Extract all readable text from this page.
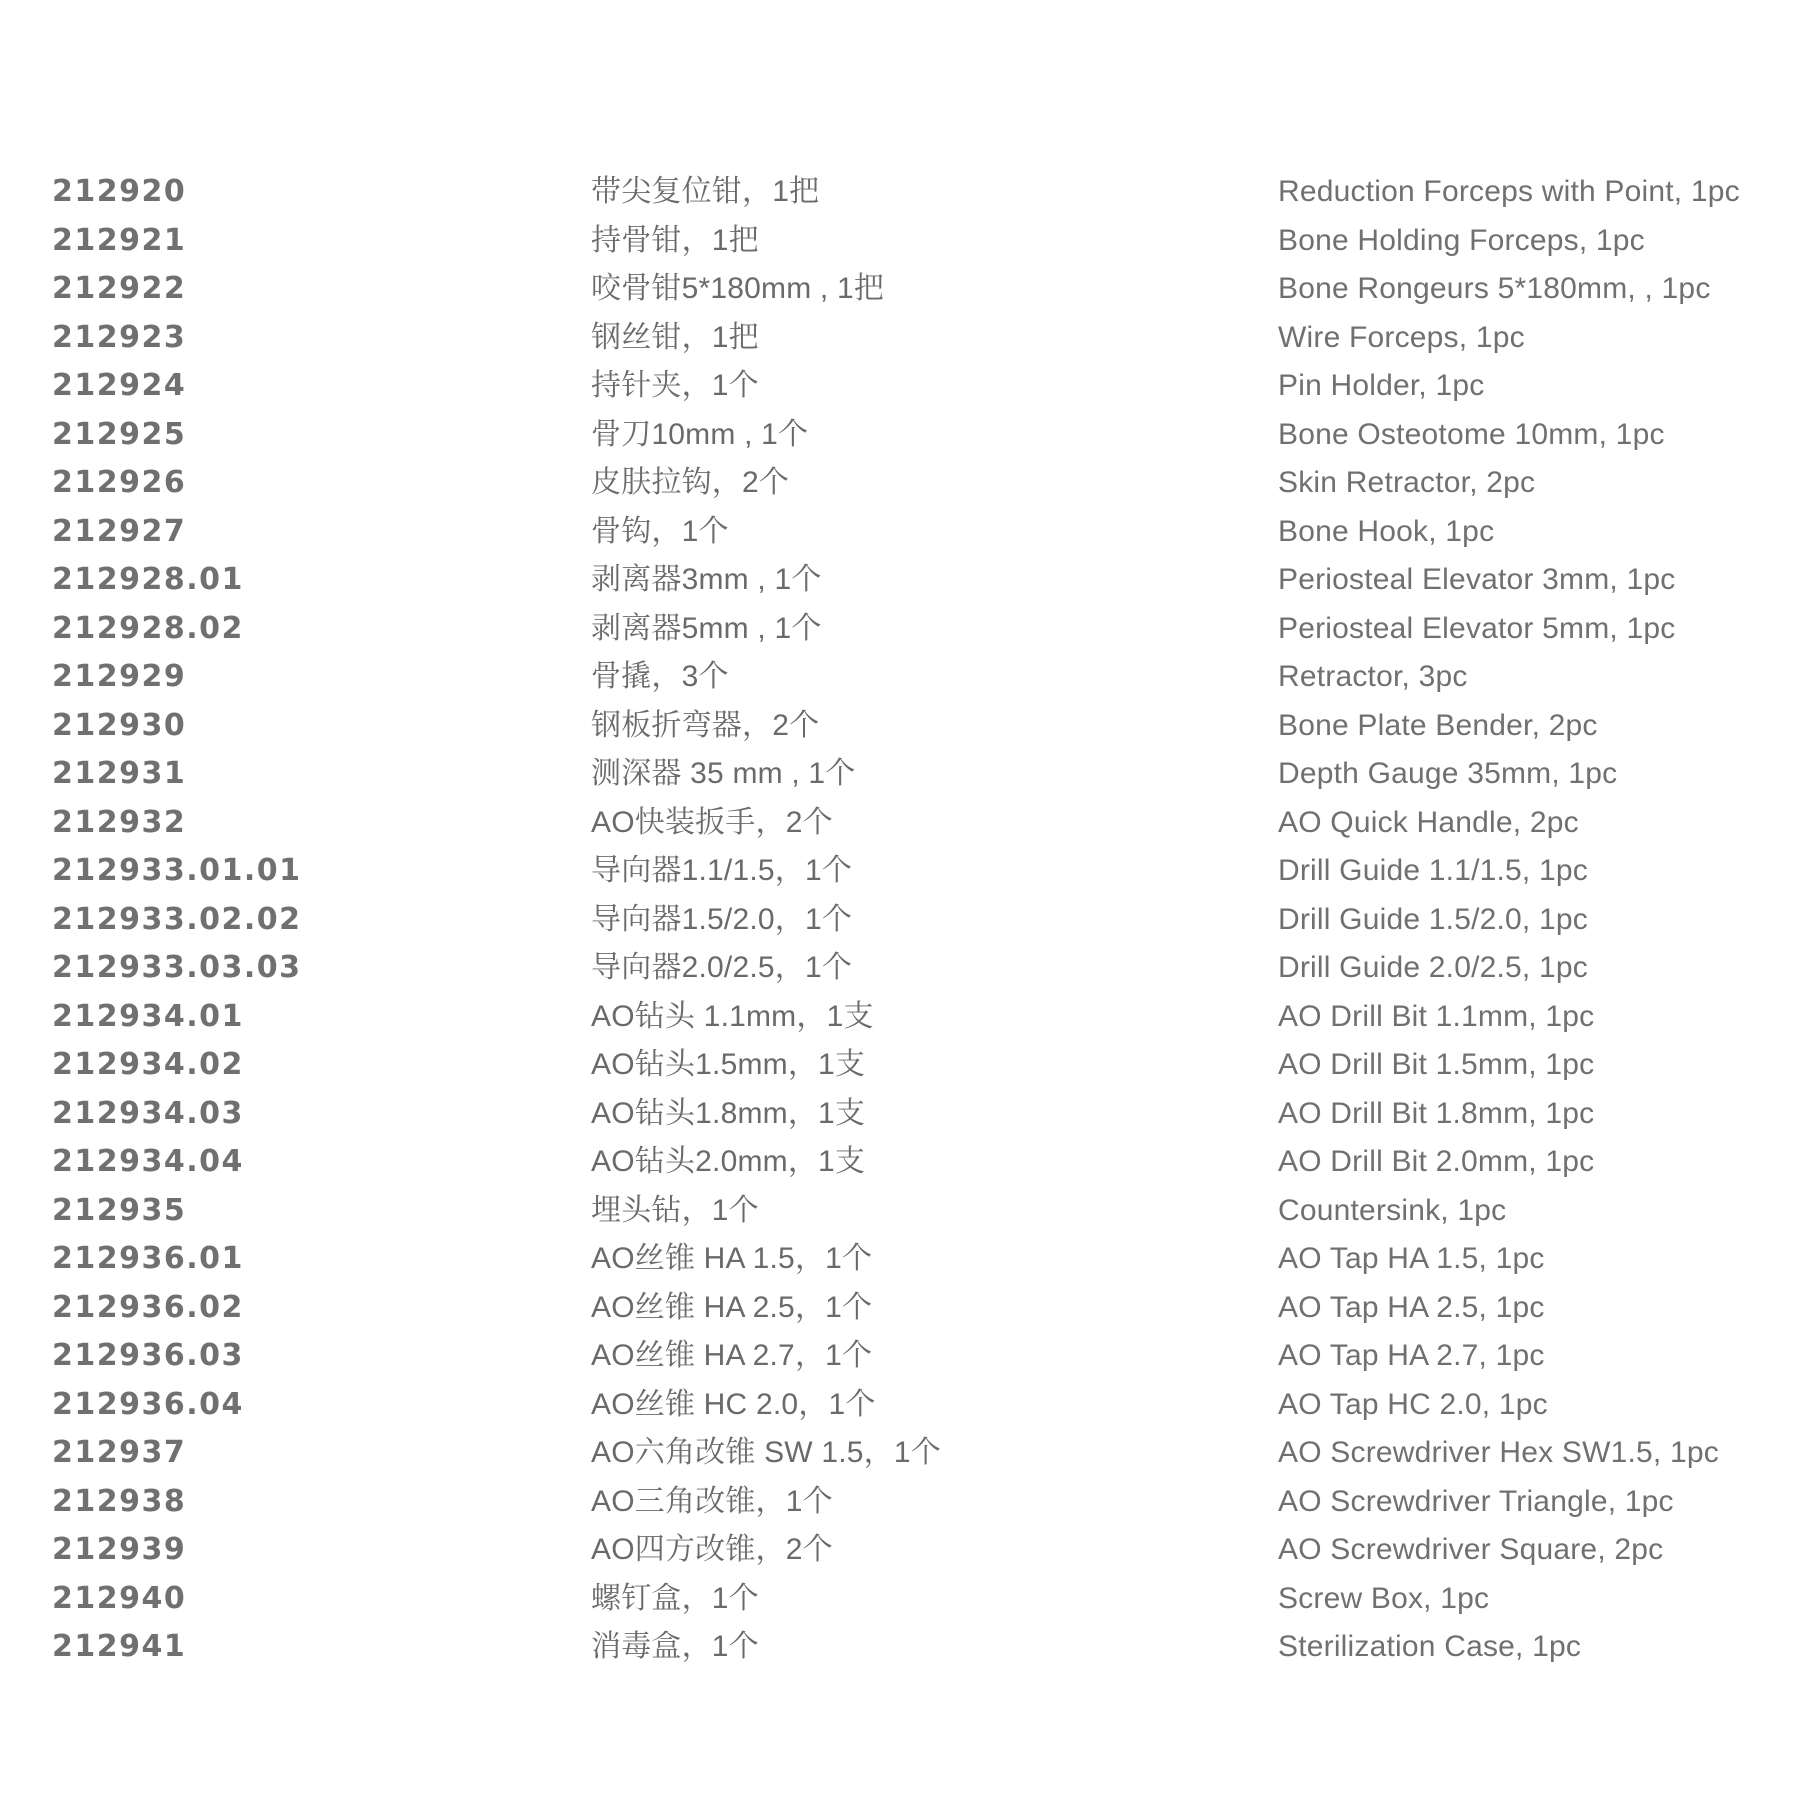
212920	带尖复位钳，1把	Reduction Forceps with Point, 1pc
212921	持骨钳，1把	Bone Holding Forceps, 1pc
212922	咬骨钳5*180mm , 1把	Bone Rongeurs 5*180mm, , 1pc
212923	钢丝钳，1把	Wire Forceps, 1pc
212924	持针夹，1个	Pin Holder, 1pc
212925	骨刀10mm , 1个	Bone Osteotome 10mm, 1pc
212926	皮肤拉钩，2个	Skin Retractor, 2pc
212927	骨钩，1个	Bone Hook, 1pc
212928.01	剥离器3mm , 1个	Periosteal Elevator 3mm, 1pc
212928.02	剥离器5mm , 1个	Periosteal Elevator 5mm, 1pc
212929	骨撬，3个	Retractor, 3pc
212930	钢板折弯器，2个	Bone Plate Bender, 2pc
212931	测深器 35 mm , 1个	Depth Gauge 35mm, 1pc
212932	AO快装扳手，2个	AO Quick Handle, 2pc
212933.01.01	导向器1.1/1.5，1个	Drill Guide 1.1/1.5, 1pc
212933.02.02	导向器1.5/2.0，1个	Drill Guide 1.5/2.0, 1pc
212933.03.03	导向器2.0/2.5，1个	Drill Guide 2.0/2.5, 1pc
212934.01	AO钻头 1.1mm，1支	AO Drill Bit 1.1mm, 1pc
212934.02	AO钻头1.5mm，1支	AO Drill Bit 1.5mm, 1pc
212934.03	AO钻头1.8mm，1支	AO Drill Bit 1.8mm, 1pc
212934.04	AO钻头2.0mm，1支	AO Drill Bit 2.0mm, 1pc
212935	埋头钻，1个	Countersink, 1pc
212936.01	AO丝锥 HA 1.5，1个	AO Tap HA 1.5, 1pc
212936.02	AO丝锥 HA 2.5，1个	AO Tap HA 2.5, 1pc
212936.03	AO丝锥 HA 2.7，1个	AO Tap HA 2.7, 1pc
212936.04	AO丝锥 HC 2.0，1个	AO Tap HC 2.0, 1pc
212937	AO六角改锥 SW 1.5，1个	AO Screwdriver Hex SW1.5, 1pc
212938	AO三角改锥，1个	AO Screwdriver Triangle, 1pc
212939	AO四方改锥，2个	AO Screwdriver Square, 2pc
212940	螺钉盒，1个	Screw Box, 1pc
212941	消毒盒，1个	Sterilization Case, 1pc
